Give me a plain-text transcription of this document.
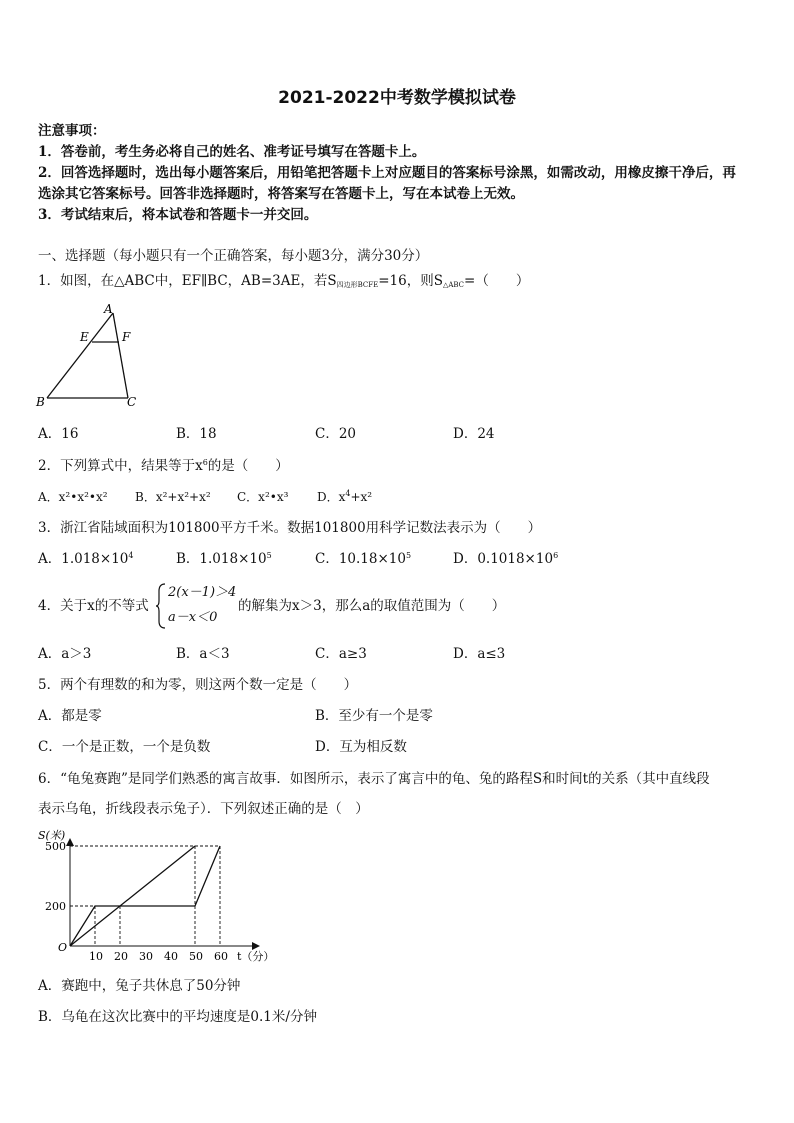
2021-2022中考数学模拟试卷
注意事项：
1．答卷前，考生务必将自己的姓名、准考证号填写在答题卡上。
2．回答选择题时，选出每小题答案后，用铅笔把答题卡上对应题目的答案标号涂黑，如需改动，用橡皮擦干净后，再
选涂其它答案标号。回答非选择题时，将答案写在答题卡上，写在本试卷上无效。
3．考试结束后，将本试卷和答题卡一并交回。
一、选择题（每小题只有一个正确答案，每小题3分，满分30分）
1．如图，在△ABC中，EF∥BC，AB=3AE，若$S_{四边形BCFE}=16$，则$S_{\triangle ABC}=$（　　）
A
E	F
B	C
A．16	B．18	C．20	D．24
2．下列算式中，结果等于$x^6$的是（　　）
A．x²•x²•x² B．x²+x²+x² C．x²•x³ D．$x^4+x^2$
3．浙江省陆域面积为101800平方千米。数据101800用科学记数法表示为（　　）
A．$1.018\times 10^4$	B．$1.018\times 10^5$	C．$10.18\times 10^5$	D．$0.1018\times 10^6$
4．关于x的不等式
2(x－1)＞4
a－x＜0
的解集为x＞3，那么a的取值范围为（　　）
A．a＞3	B．a＜3	C．a≥3	D．a≤3
5．两个有理数的和为零，则这两个数一定是（　　）
A．都是零	B．至少有一个是零
C．一个是正数，一个是负数	D．互为相反数
6．“龟兔赛跑”是同学们熟悉的寓言故事．如图所示，表示了寓言中的龟、兔的路程S和时间t的关系（其中直线段
表示乌龟，折线段表示兔子）．下列叙述正确的是（　）
S(米)
t（分）
O
200
500
10 20 30 40 50 60
A．赛跑中，兔子共休息了50分钟
B．乌龟在这次比赛中的平均速度是0.1米/分钟
